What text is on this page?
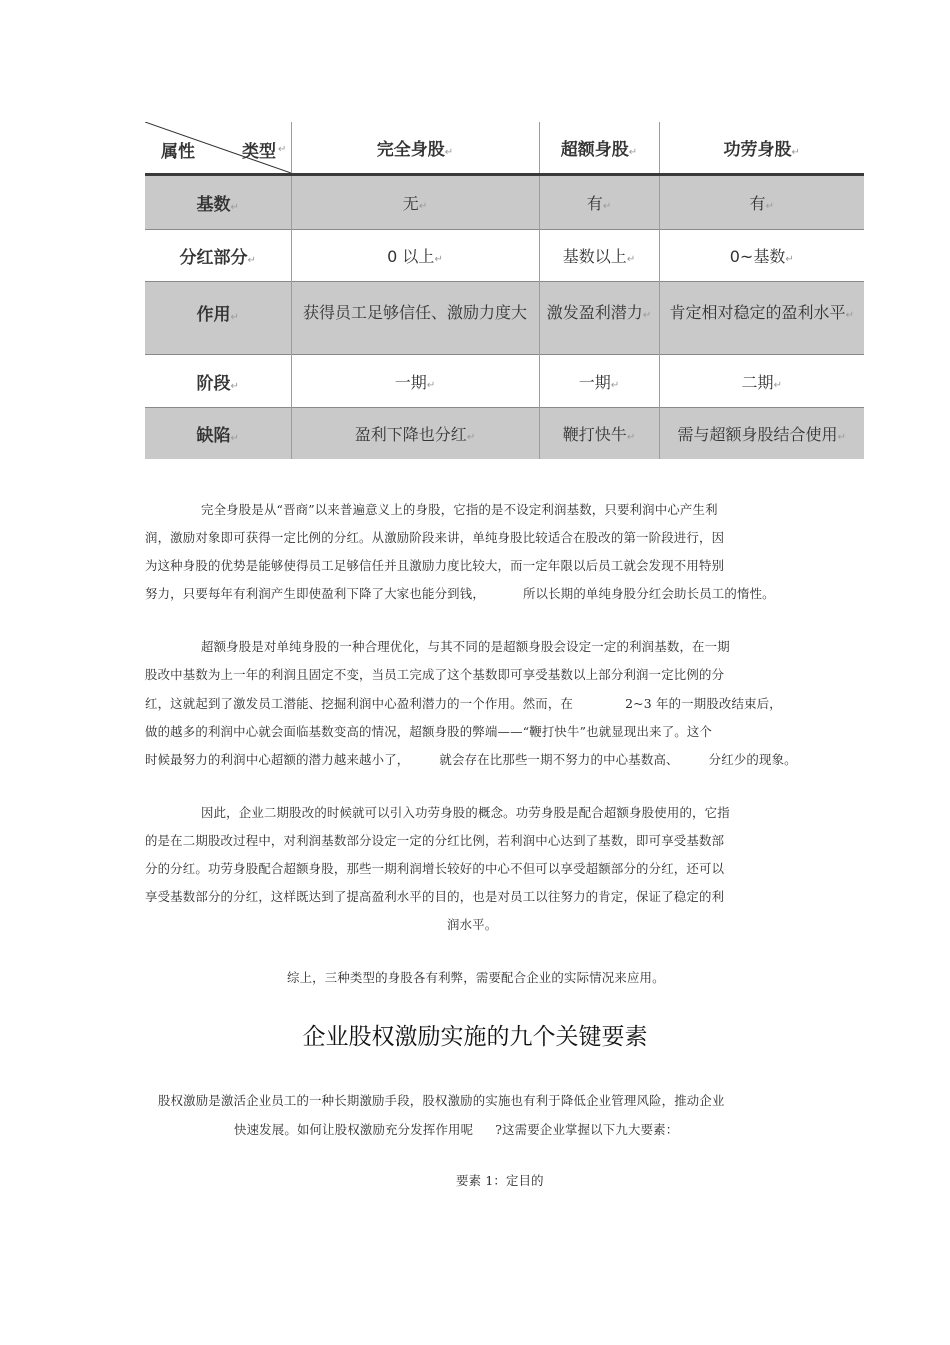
属性 类型 ↵	完全身股↵	超额身股↵	功劳身股↵
基数↵	无↵	有↵	有↵
分红部分↵	0 以上↵	基数以上↵	0~基数↵
作用↵	获得员工足够信任、激励力度大	激发盈利潜力↵	肯定相对稳定的盈利水平↵
阶段↵	一期↵	一期↵	二期↵
缺陷↵	盈利下降也分红↵	鞭打快牛↵	需与超额身股结合使用↵
完全身股是从“晋商”以来普遍意义上的身股，它指的是不设定利润基数，只要利润中心产生利
润，激励对象即可获得一定比例的分红。从激励阶段来讲，单纯身股比较适合在股改的第一阶段进行，因
为这种身股的优势是能够使得员工足够信任并且激励力度比较大，而一定年限以后员工就会发现不用特别
努力，只要每年有利润产生即使盈利下降了大家也能分到钱，	所以长期的单纯身股分红会助长员工的惰性。
超额身股是对单纯身股的一种合理优化，与其不同的是超额身股会设定一定的利润基数，在一期
股改中基数为上一年的利润且固定不变，当员工完成了这个基数即可享受基数以上部分利润一定比例的分
红，这就起到了激发员工潜能、挖掘利润中心盈利潜力的一个作用。然而，在	2~3 年的一期股改结束后，
做的越多的利润中心就会面临基数变高的情况，超额身股的弊端——“鞭打快牛”也就显现出来了。这个
时候最努力的利润中心超额的潜力越来越小了， 就会存在比那些一期不努力的中心基数高、 分红少的现象。
因此，企业二期股改的时候就可以引入功劳身股的概念。功劳身股是配合超额身股使用的，它指
的是在二期股改过程中，对利润基数部分设定一定的分红比例，若利润中心达到了基数，即可享受基数部
分的分红。功劳身股配合超额身股，那些一期利润增长较好的中心不但可以享受超额部分的分红，还可以
享受基数部分的分红，这样既达到了提高盈利水平的目的，也是对员工以往努力的肯定，保证了稳定的利
润水平。
综上，三种类型的身股各有利弊，需要配合企业的实际情况来应用。
企业股权激励实施的九个关键要素
股权激励是激活企业员工的一种长期激励手段，股权激励的实施也有利于降低企业管理风险，推动企业
快速发展。如何让股权激励充分发挥作用呢 ?这需要企业掌握以下九大要素：
要素 1：定目的
